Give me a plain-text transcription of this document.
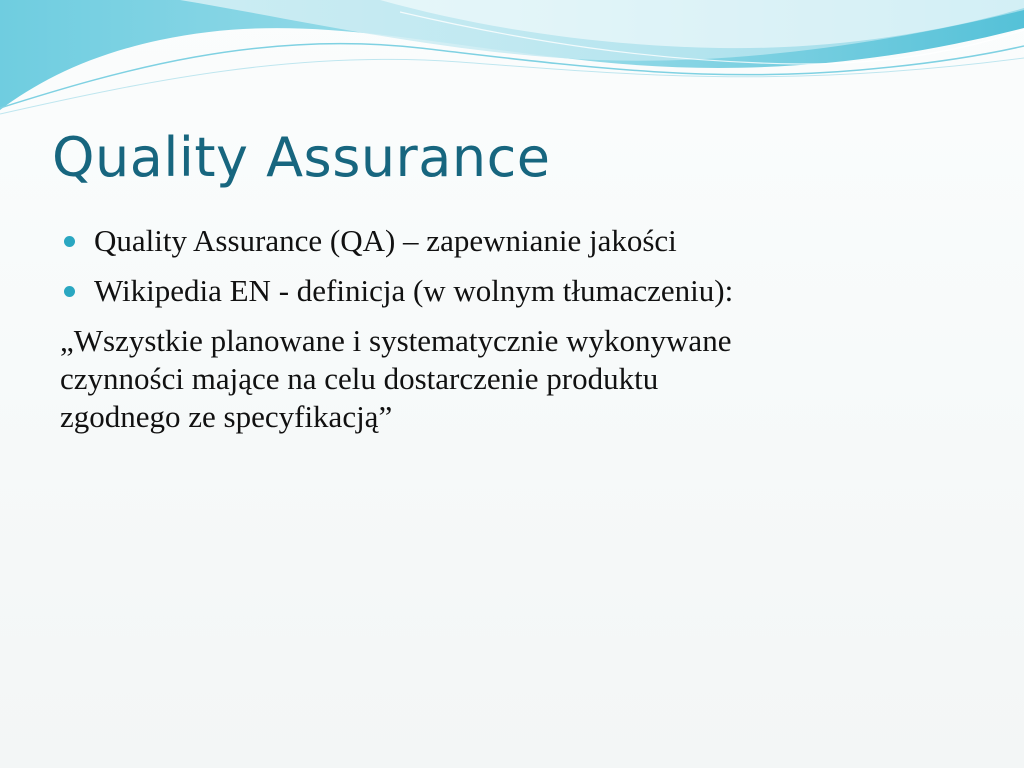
Quality Assurance
Quality Assurance (QA) – zapewnianie jakości
Wikipedia EN - definicja (w wolnym tłumaczeniu):
„Wszystkie planowane i systematycznie wykonywane
czynności mające na celu dostarczenie produktu
zgodnego ze specyfikacją”
